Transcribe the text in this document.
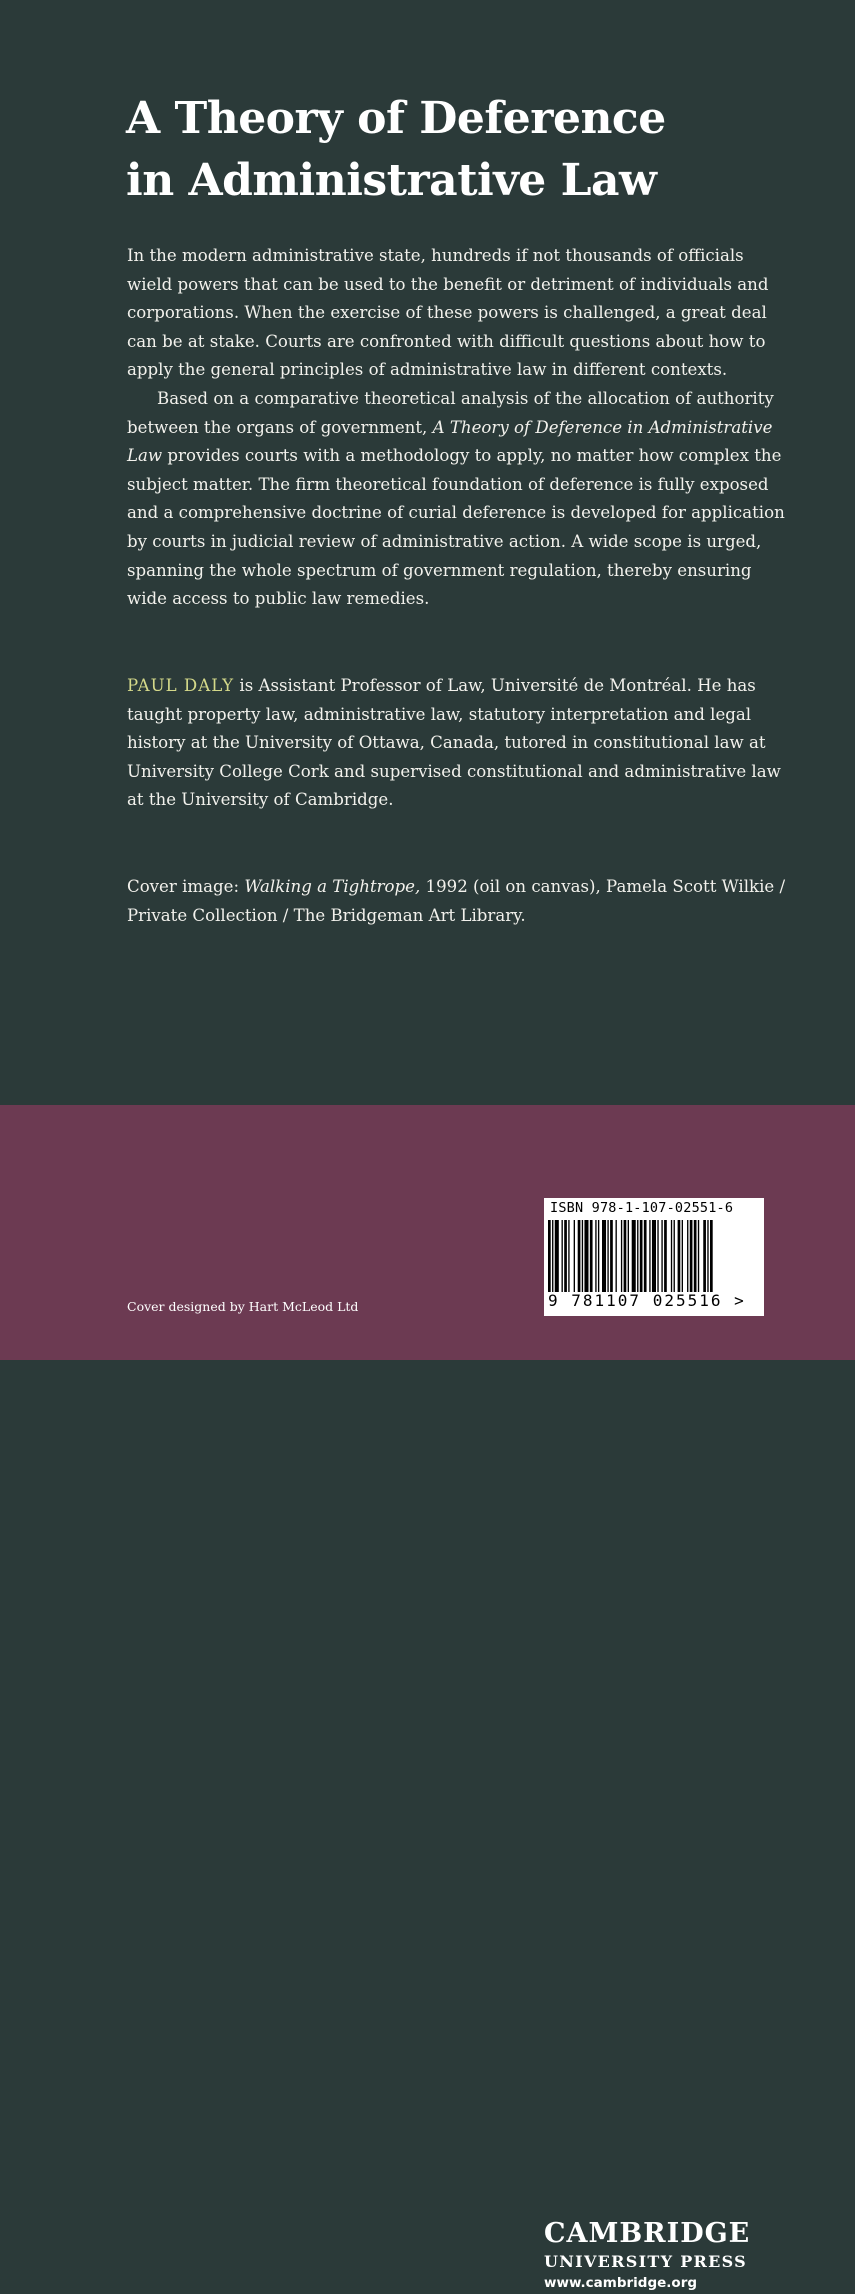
A Theory of Deference
in Administrative Law

In the modern administrative state, hundreds if not thousands of officials wield powers that can be used to the benefit or detriment of individuals and corporations. When the exercise of these powers is challenged, a great deal can be at stake. Courts are confronted with difficult questions about how to apply the general principles of administrative law in different contexts.

Based on a comparative theoretical analysis of the allocation of authority between the organs of government, A Theory of Deference in Administrative Law provides courts with a methodology to apply, no matter how complex the subject matter. The firm theoretical foundation of deference is fully exposed and a comprehensive doctrine of curial deference is developed for application by courts in judicial review of administrative action. A wide scope is urged, spanning the whole spectrum of government regulation, thereby ensuring wide access to public law remedies.

PAUL DALY is Assistant Professor of Law, Université de Montréal. He has taught property law, administrative law, statutory interpretation and legal history at the University of Ottawa, Canada, tutored in constitutional law at University College Cork and supervised constitutional and administrative law at the University of Cambridge.

Cover image: Walking a Tightrope, 1992 (oil on canvas), Pamela Scott Wilkie / Private Collection / The Bridgeman Art Library.

CAMBRIDGE
UNIVERSITY PRESS
www.cambridge.org
ISBN 978-1-107-02551-6
9 781107 025516 >

Cover designed by Hart McLeod Ltd
